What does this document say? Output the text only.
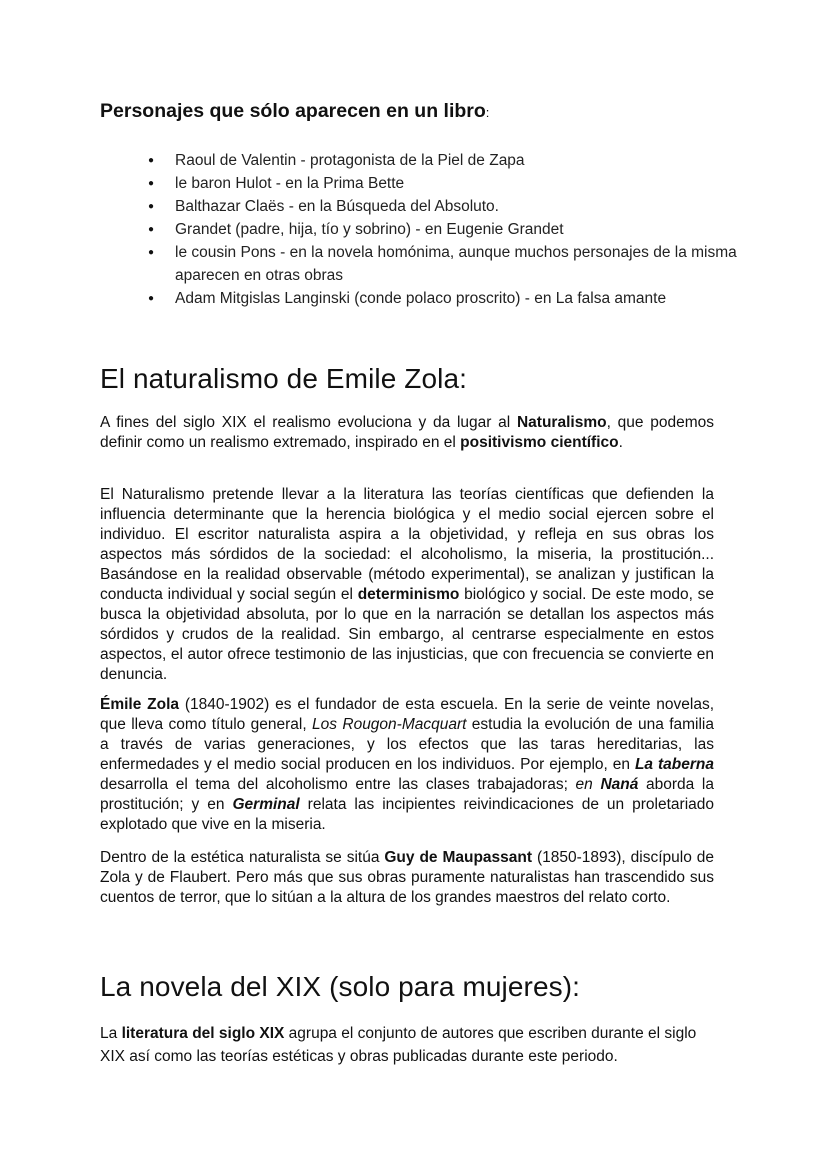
Personajes que sólo aparecen en un libro:
● Raoul de Valentin - protagonista de la Piel de Zapa
● le baron Hulot - en la Prima Bette
● Balthazar Claës - en la Búsqueda del Absoluto.
● Grandet (padre, hija, tío y sobrino) - en Eugenie Grandet
● le cousin Pons - en la novela homónima, aunque muchos personajes de la misma aparecen en otras obras
● Adam Mitgislas Langinski (conde polaco proscrito) - en La falsa amante
El naturalismo de Emile Zola:

A fines del siglo XIX el realismo evoluciona y da lugar al Naturalismo, que podemos definir como un realismo extremado, inspirado en el positivismo científico.

El Naturalismo pretende llevar a la literatura las teorías científicas que defienden la influencia determinante que la herencia biológica y el medio social ejercen sobre el individuo. El escritor naturalista aspira a la objetividad, y refleja en sus obras los aspectos más sórdidos de la sociedad: el alcoholismo, la miseria, la prostitución... Basándose en la realidad observable (método experimental), se analizan y justifican la conducta individual y social según el determinismo biológico y social. De este modo, se busca la objetividad absoluta, por lo que en la narración se detallan los aspectos más sórdidos y crudos de la realidad. Sin embargo, al centrarse especialmente en estos aspectos, el autor ofrece testimonio de las injusticias, que con frecuencia se convierte en denuncia.

Émile Zola (1840-1902) es el fundador de esta escuela. En la serie de veinte novelas, que lleva como título general, Los Rougon-Macquart estudia la evolución de una familia a través de varias generaciones, y los efectos que las taras hereditarias, las enfermedades y el medio social producen en los individuos. Por ejemplo, en La taberna desarrolla el tema del alcoholismo entre las clases trabajadoras; en Naná aborda la prostitución; y en Germinal relata las incipientes reivindicaciones de un proletariado explotado que vive en la miseria.

Dentro de la estética naturalista se sitúa Guy de Maupassant (1850-1893), discípulo de Zola y de Flaubert. Pero más que sus obras puramente naturalistas han trascendido sus cuentos de terror, que lo sitúan a la altura de los grandes maestros del relato corto.

La novela del XIX (solo para mujeres):

La literatura del siglo XIX agrupa el conjunto de autores que escriben durante el siglo XIX así como las teorías estéticas y obras publicadas durante este periodo.
